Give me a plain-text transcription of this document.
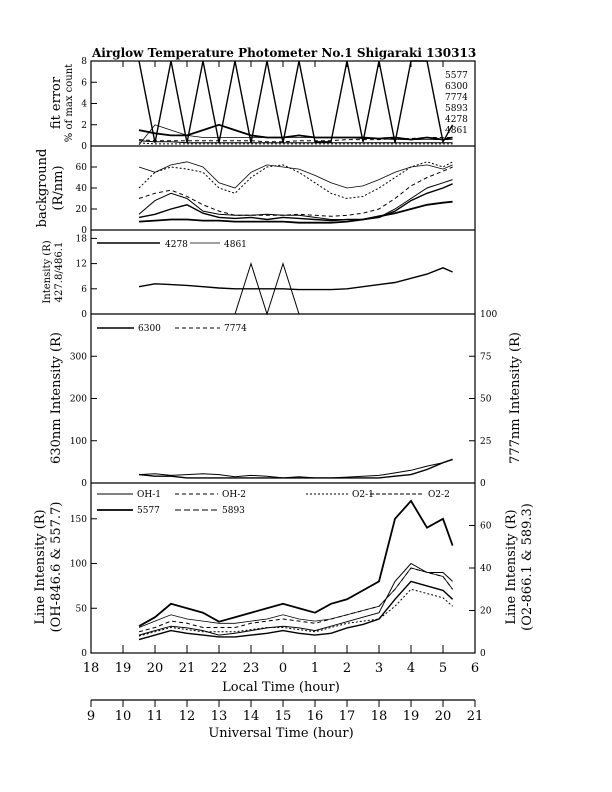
Airglow Temperature Photometer No.1 Shigaraki 130313
0
2
4
6
8
0
20
40
60
0
6
12
18
0
100
200
300
0
25
50
75
100
0
50
100
150
0
20
40
60
18 19 20 21 22 23 0 1 2 3 4 5 6
9 10 11 12 13 14 15 16 17 18 19 20 21
fit error % of max count
background (R/nm)
Intensity (R) 427.8/486.1
630nm Intensity (R)	777nm Intensity (R)
Line Intensity (R) (OH-846.6 & 557.7)	Line Intensity (R) (O2-866.1 & 589.3)
Local Time (hour)
Universal Time (hour)
5577
6300
7774
5893
4278
4861
4278	4861
6300	7774
OH-1	OH-2	O2-1	O2-2
5577	5893
